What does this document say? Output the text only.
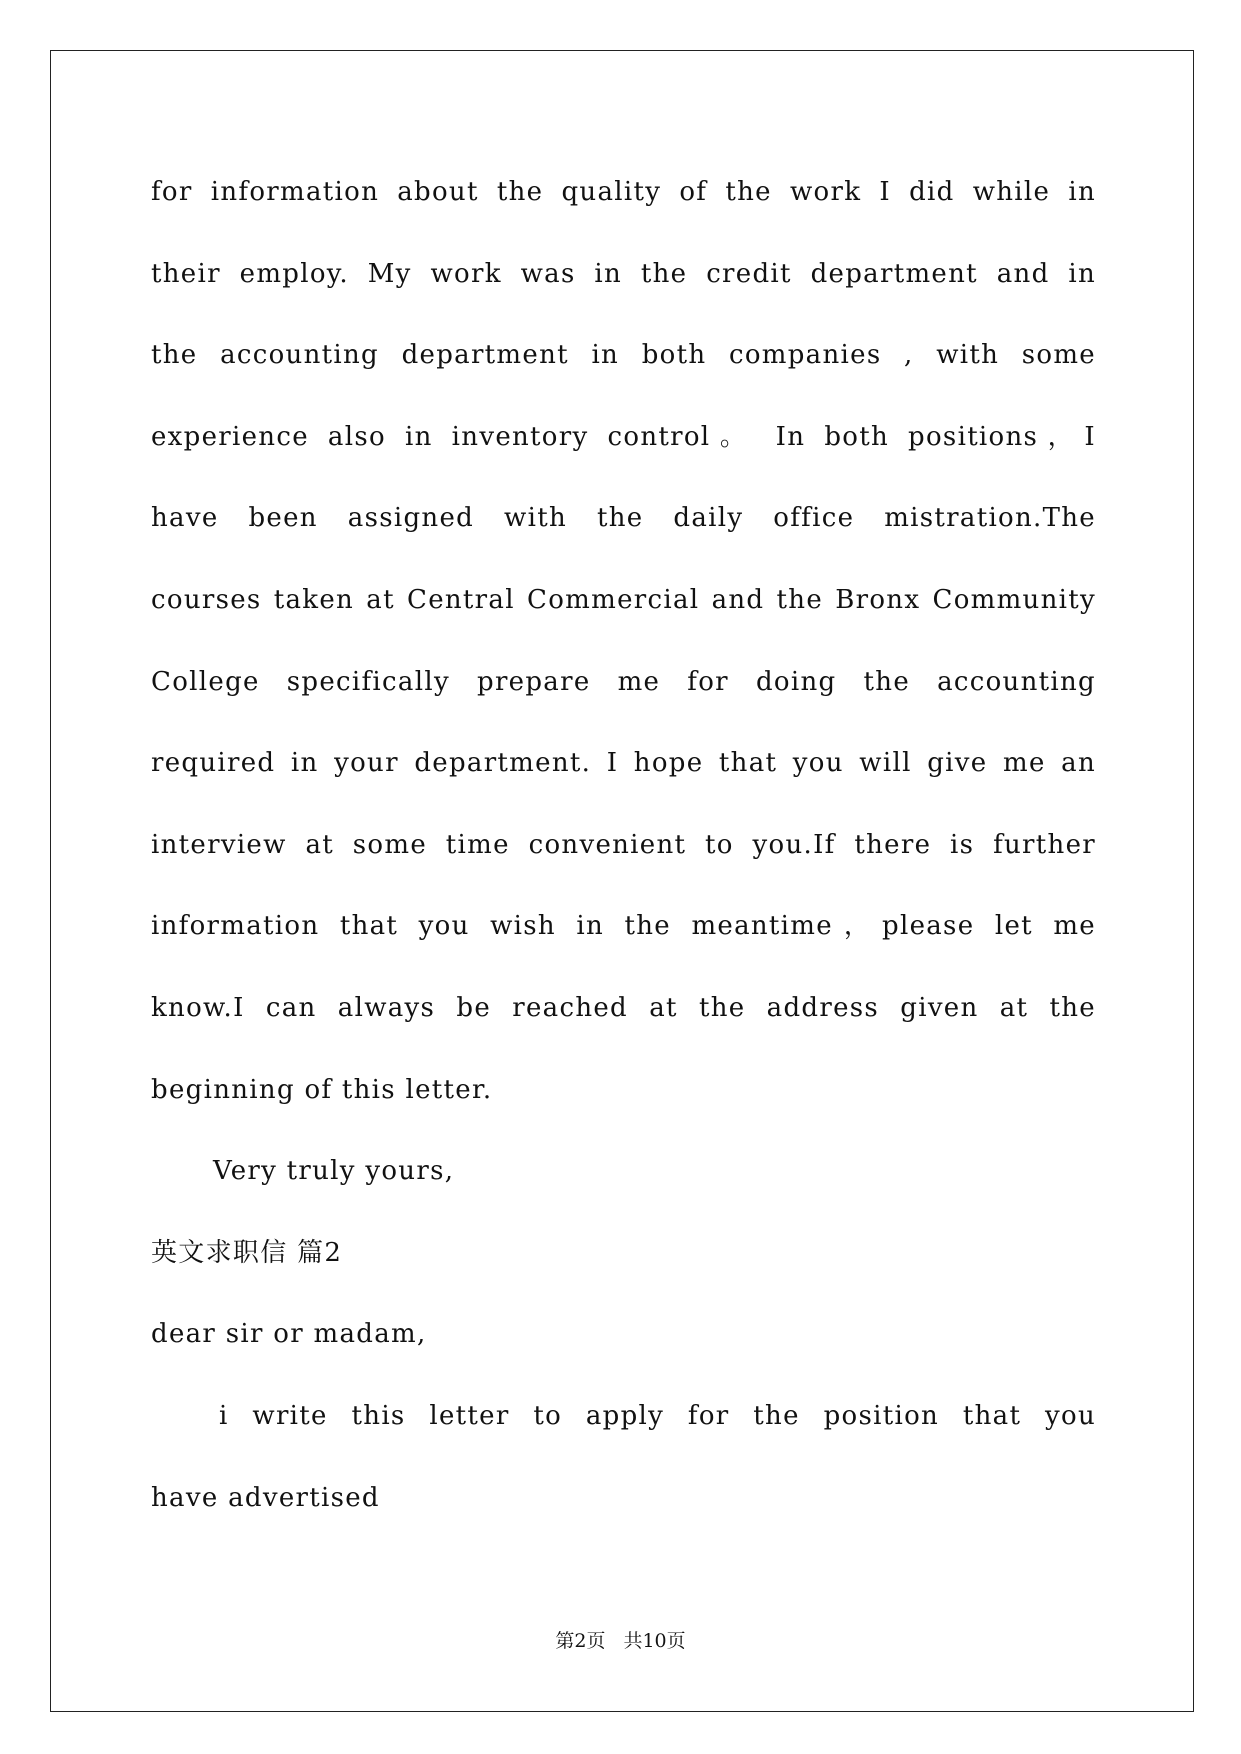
for information about the quality of the work I did while in
their employ. My work was in the credit department and in
the accounting department in both companies , with some
experience also in inventory control。 In both positions，I
have been assigned with the daily office mistration.The
courses taken at Central Commercial and the Bronx Community
College specifically prepare me for doing the accounting
required in your department. I hope that you will give me an
interview at some time convenient to you.If there is further
information that you wish in the meantime，please let me
know.I can always be reached at the address given at the
beginning of this letter.
Very truly yours,
英文求职信 篇2
dear sir or madam,
i write this letter to apply for the position that you
have advertised
第2页 共10页
